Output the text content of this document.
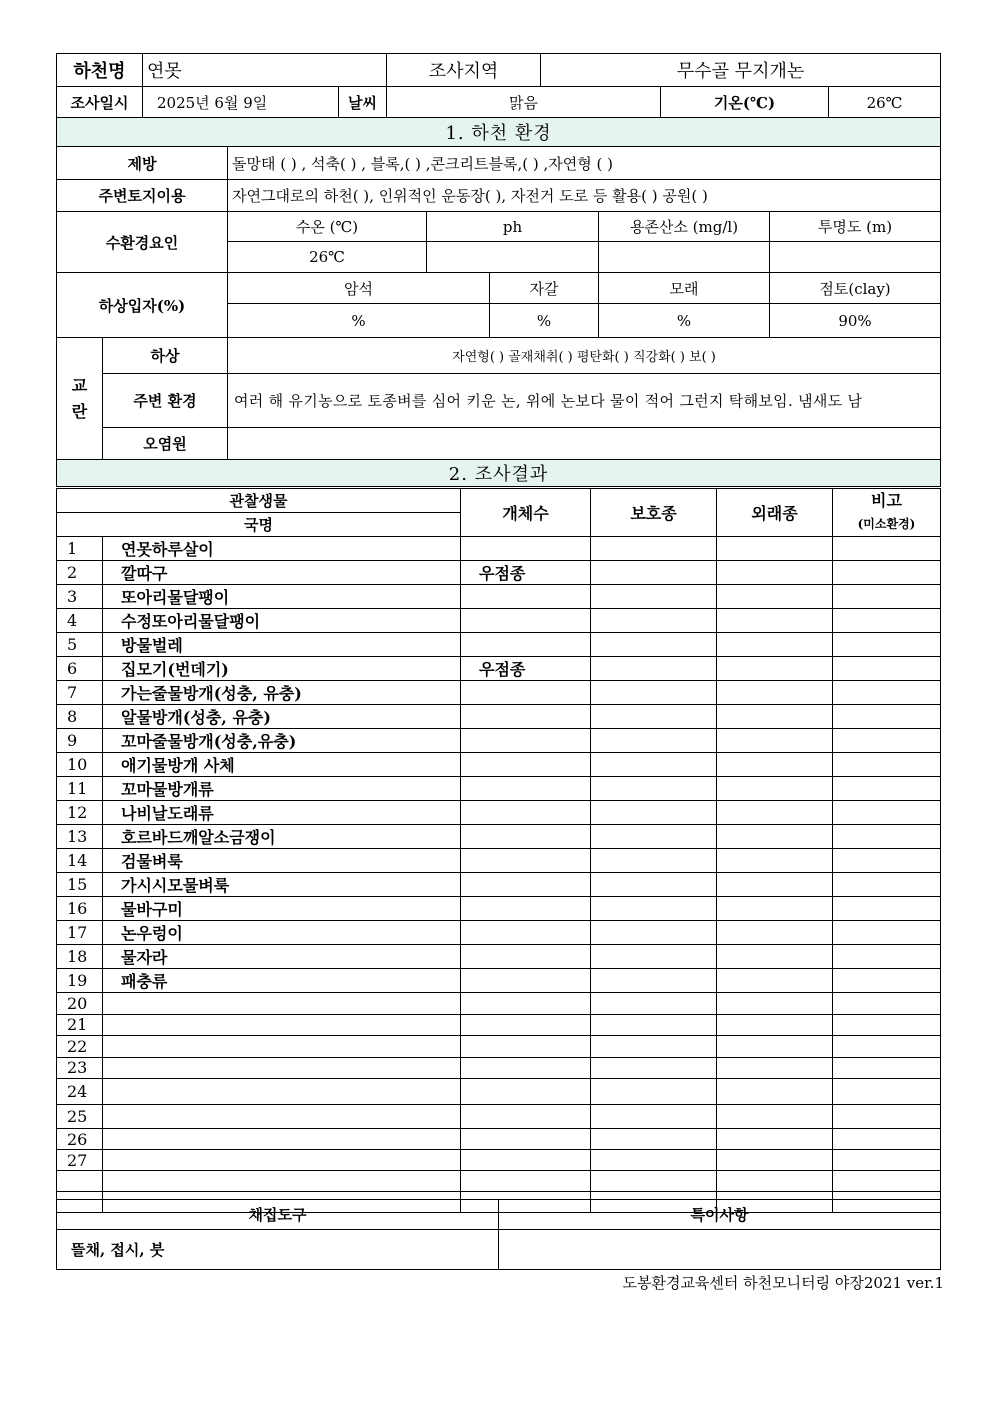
하천명	연못		조사지역	무수골 무지개논		
조사일시	2025년 6월 9일	날씨	맑음		기온(℃)	26℃
1. 하천 환경						
제방		돌망태 ( ) , 석축( ) , 블록,( ) ,콘크리트블록,( ) ,자연형 ( )				
주변토지이용		자연그대로의 하천( ), 인위적인 운동장( ), 자전거 도로 등 활용( ) 공원( )				
수환경요인		수온 (℃)	ph		용존산소 (mg/l)	투명도 (m)
		26℃				
하상입자(%)		암석		자갈	모래	점토(clay)
		%		%	%	90%
교란	하상	자연형( ) 골재채취( ) 평탄화( ) 직강화( ) 보( )				
	주변 환경	여러 해 유기농으로 토종벼를 심어 키운 논, 위에 논보다 물이 적어 그런지 탁해보임. 냄새도 남				
	오염원					
2. 조사결과						
관찰생물		개체수	보호종	외래종	비고
(미소환경)
국명					
1	연못하루살이				
2	깔따구	우점종			
3	또아리물달팽이				
4	수정또아리물달팽이				
5	방물벌레				
6	집모기(번데기)	우점종			
7	가는줄물방개(성충, 유충)				
8	알물방개(성충, 유충)				
9	꼬마줄물방개(성충,유충)				
10	애기물방개 사체				
11	꼬마물방개류				
12	나비날도래류				
13	호르바드깨알소금쟁이				
14	검물벼룩				
15	가시시모물벼룩				
16	물바구미				
17	논우렁이				
18	물자라				
19	패충류				
20					
21					
22					
23					
24					
25					
26					
27					

채집도구	특이사항
뜰채, 접시, 붓	
도봉환경교육센터 하천모니터링 야장2021 ver.1
